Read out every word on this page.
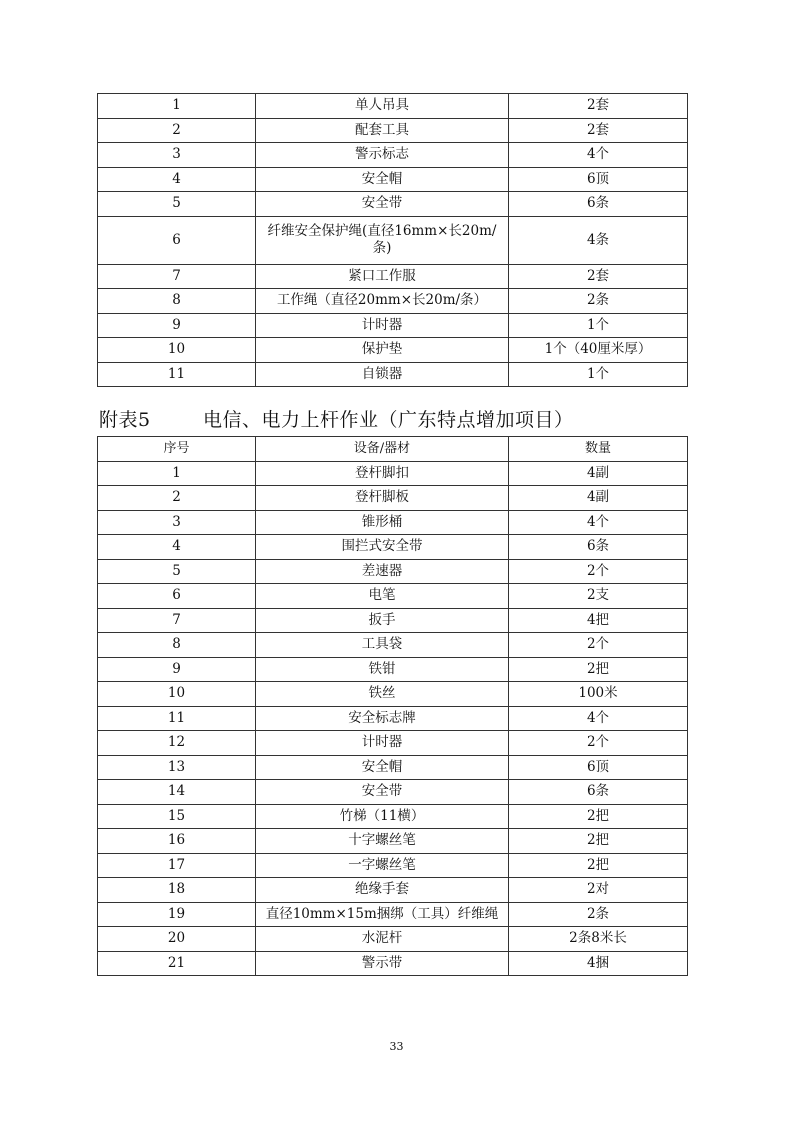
1	单人吊具	2套
2	配套工具	2套
3	警示标志	4个
4	安全帽	6顶
5	安全带	6条
6	纤维安全保护绳(直径16mm×长20m/条)	4条
7	紧口工作服	2套
8	工作绳（直径20mm×长20m/条）	2条
9	计时器	1个
10	保护垫	1个（40厘米厚）
11	自锁器	1个
附表5	电信、电力上杆作业（广东特点增加项目）
序号	设备/器材	数量
1	登杆脚扣	4副
2	登杆脚板	4副
3	锥形桶	4个
4	围拦式安全带	6条
5	差速器	2个
6	电笔	2支
7	扳手	4把
8	工具袋	2个
9	铁钳	2把
10	铁丝	100米
11	安全标志牌	4个
12	计时器	2个
13	安全帽	6顶
14	安全带	6条
15	竹梯（11横）	2把
16	十字螺丝笔	2把
17	一字螺丝笔	2把
18	绝缘手套	2对
19	直径10mm×15m捆绑（工具）纤维绳	2条
20	水泥杆	2条8米长
21	警示带	4捆
33
